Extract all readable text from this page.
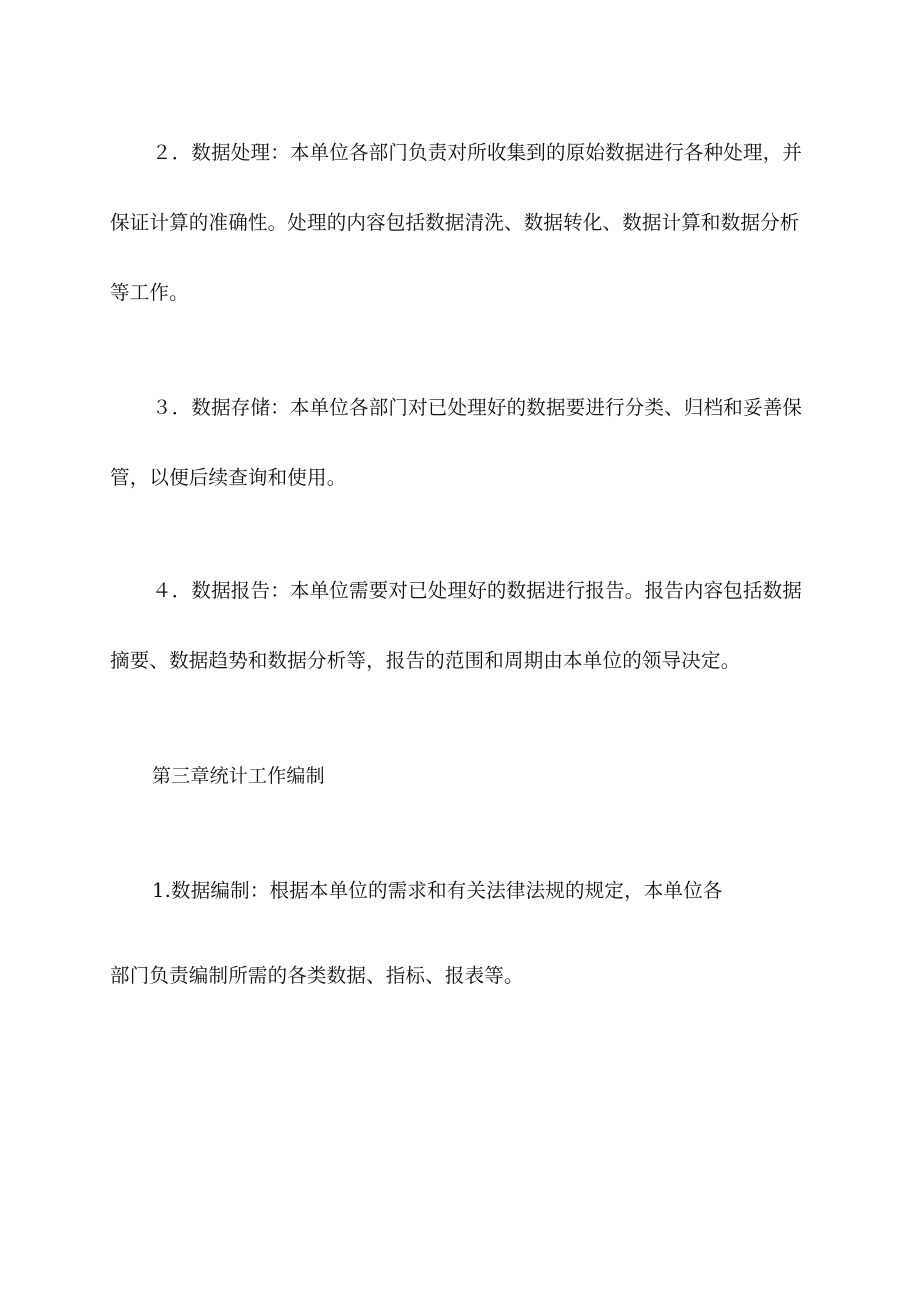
２．数据处理：本单位各部门负责对所收集到的原始数据进行各种处理，并
保证计算的准确性。处理的内容包括数据清洗、数据转化、数据计算和数据分析
等工作。
３．数据存储：本单位各部门对已处理好的数据要进行分类、归档和妥善保
管，以便后续查询和使用。
４．数据报告：本单位需要对已处理好的数据进行报告。报告内容包括数据
摘要、数据趋势和数据分析等，报告的范围和周期由本单位的领导决定。
第三章统计工作编制
1.数据编制：根据本单位的需求和有关法律法规的规定，本单位各
部门负责编制所需的各类数据、指标、报表等。
